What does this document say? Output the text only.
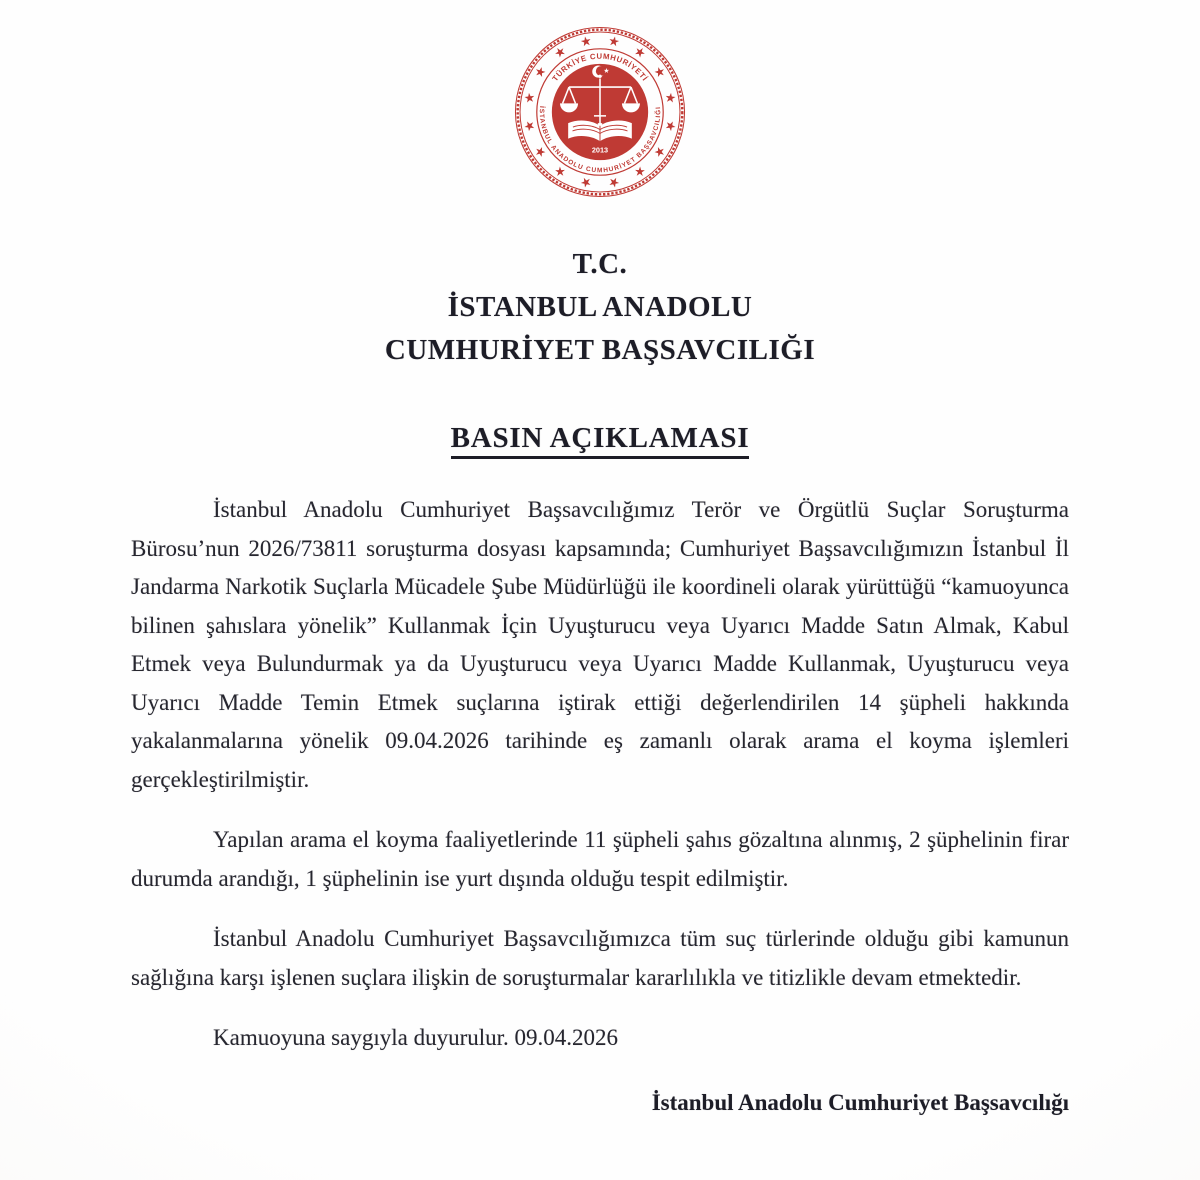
TÜRKİYE CUMHURİYETİ
İSTANBUL ANADOLU CUMHURİYET BAŞSAVCILIĞI
2013
T.C.
İSTANBUL ANADOLU
CUMHURİYET BAŞSAVCILIĞI
BASIN AÇIKLAMASI

İstanbul Anadolu Cumhuriyet Başsavcılığımız Terör ve Örgütlü Suçlar Soruşturma Bürosu’nun 2026/73811 soruşturma dosyası kapsamında; Cumhuriyet Başsavcılığımızın İstanbul İl Jandarma Narkotik Suçlarla Mücadele Şube Müdürlüğü ile koordineli olarak yürüttüğü “kamuoyunca bilinen şahıslara yönelik” Kullanmak İçin Uyuşturucu veya Uyarıcı Madde Satın Almak, Kabul Etmek veya Bulundurmak ya da Uyuşturucu veya Uyarıcı Madde Kullanmak, Uyuşturucu veya Uyarıcı Madde Temin Etmek suçlarına iştirak ettiği değerlendirilen 14 şüpheli hakkında yakalanmalarına yönelik 09.04.2026 tarihinde eş zamanlı olarak arama el koyma işlemleri gerçekleştirilmiştir.

Yapılan arama el koyma faaliyetlerinde 11 şüpheli şahıs gözaltına alınmış, 2 şüphelinin firar durumda arandığı, 1 şüphelinin ise yurt dışında olduğu tespit edilmiştir.

İstanbul Anadolu Cumhuriyet Başsavcılığımızca tüm suç türlerinde olduğu gibi kamunun sağlığına karşı işlenen suçlara ilişkin de soruşturmalar kararlılıkla ve titizlikle devam etmektedir.

Kamuoyuna saygıyla duyurulur. 09.04.2026

İstanbul Anadolu Cumhuriyet Başsavcılığı
